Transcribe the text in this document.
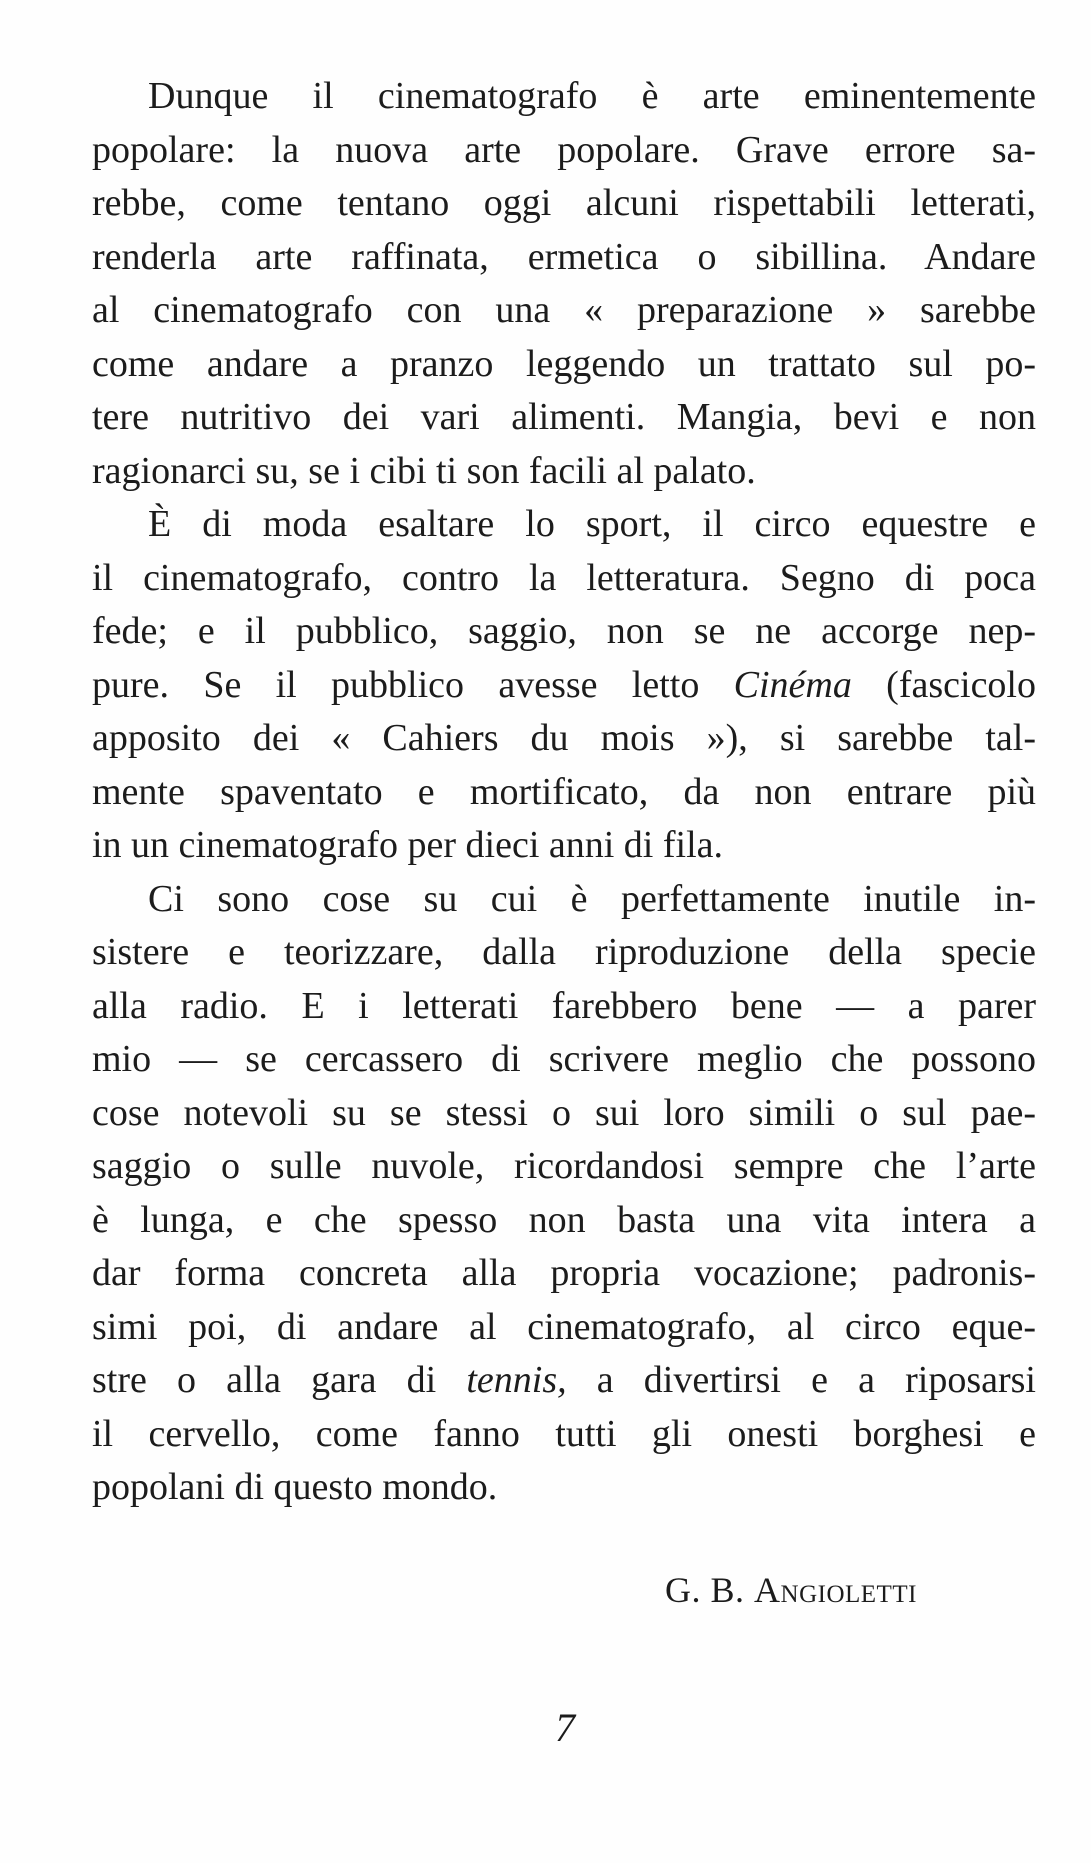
Dunque il cinematografo è arte eminentemente
popolare: la nuova arte popolare. Grave errore sa-
rebbe, come tentano oggi alcuni rispettabili letterati,
renderla arte raffinata, ermetica o sibillina. Andare
al cinematografo con una « preparazione » sarebbe
come andare a pranzo leggendo un trattato sul po-
tere nutritivo dei vari alimenti. Mangia, bevi e non
ragionarci su, se i cibi ti son facili al palato.
È di moda esaltare lo sport, il circo equestre e
il cinematografo, contro la letteratura. Segno di poca
fede; e il pubblico, saggio, non se ne accorge nep-
pure. Se il pubblico avesse letto Cinéma (fascicolo
apposito dei « Cahiers du mois »), si sarebbe tal-
mente spaventato e mortificato, da non entrare più
in un cinematografo per dieci anni di fila.
Ci sono cose su cui è perfettamente inutile in-
sistere e teorizzare, dalla riproduzione della specie
alla radio. E i letterati farebbero bene — a parer
mio — se cercassero di scrivere meglio che possono
cose notevoli su se stessi o sui loro simili o sul pae-
saggio o sulle nuvole, ricordandosi sempre che l’arte
è lunga, e che spesso non basta una vita intera a
dar forma concreta alla propria vocazione; padronis-
simi poi, di andare al cinematografo, al circo eque-
stre o alla gara di tennis, a divertirsi e a riposarsi
il cervello, come fanno tutti gli onesti borghesi e
popolani di questo mondo.
G. B. Angioletti
7
